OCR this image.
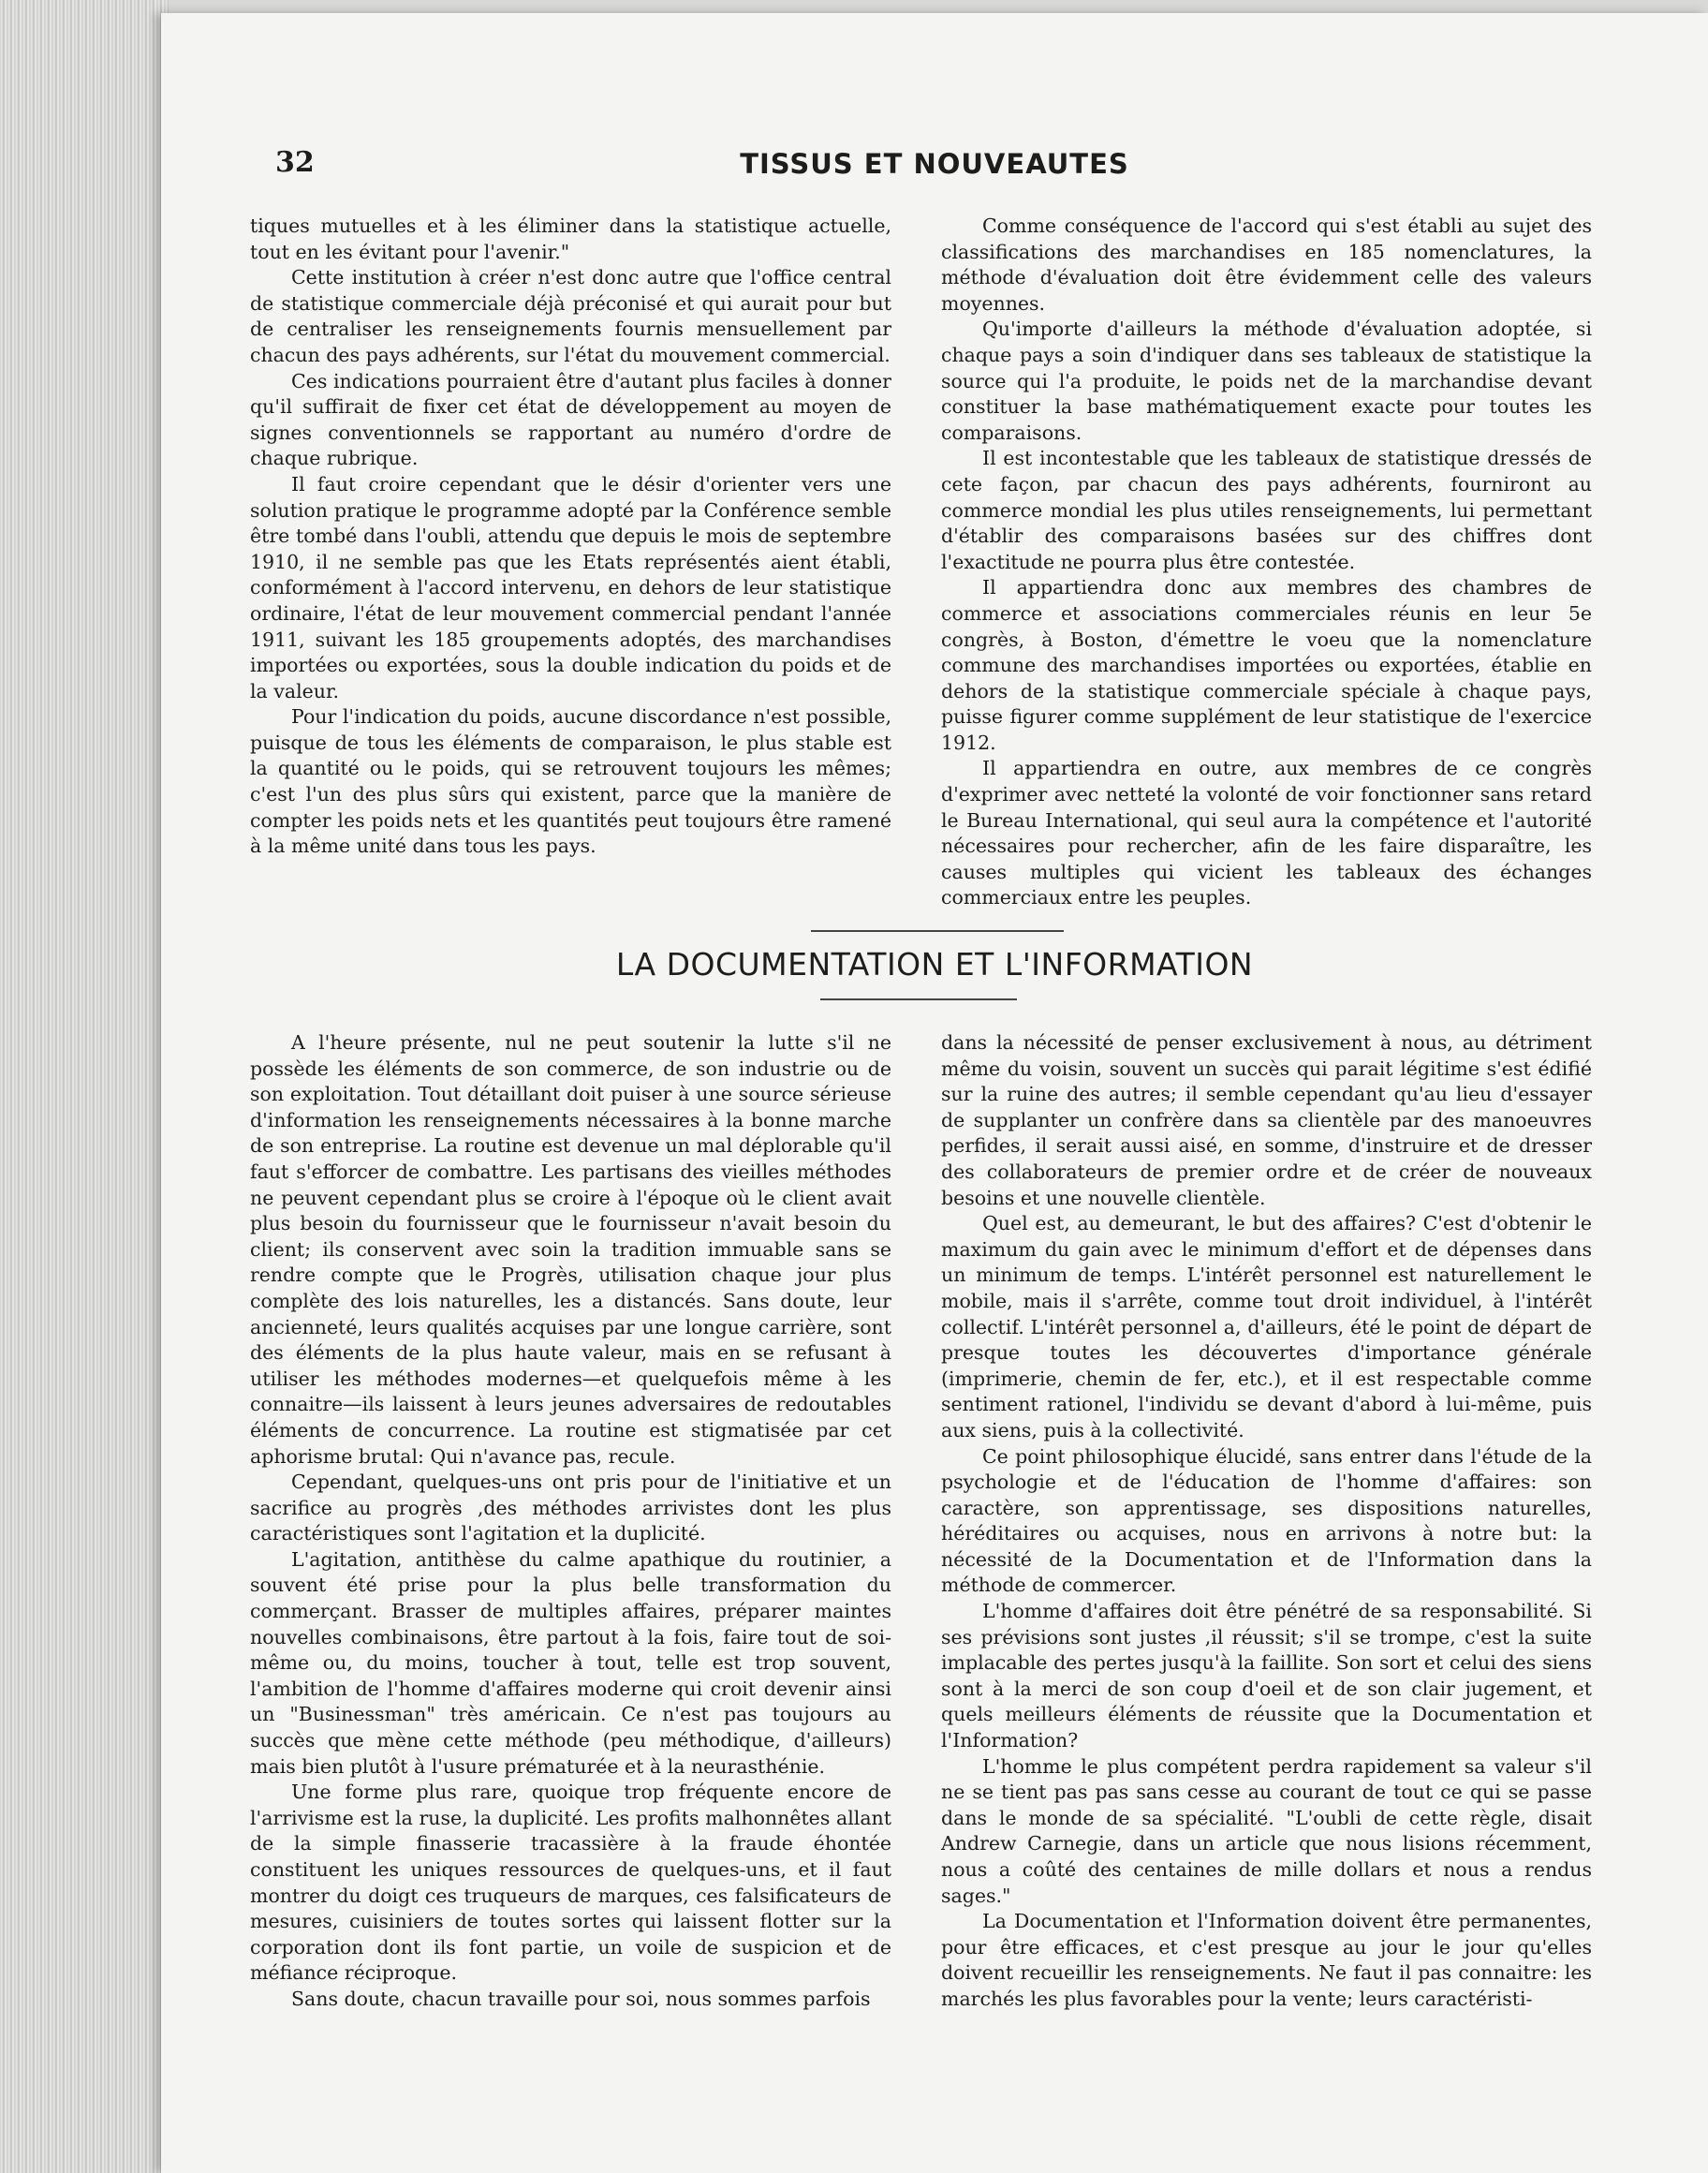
32	TISSUS ET NOUVEAUTES

tiques mutuelles et à les éliminer dans la statistique actuelle, tout en les évitant pour l'avenir."

Cette institution à créer n'est donc autre que l'office central de statistique commerciale déjà préconisé et qui aurait pour but de centraliser les renseignements fournis mensuellement par chacun des pays adhérents, sur l'état du mouvement commercial.

Ces indications pourraient être d'autant plus faciles à donner qu'il suffirait de fixer cet état de développement au moyen de signes conventionnels se rapportant au numéro d'ordre de chaque rubrique.

Il faut croire cependant que le désir d'orienter vers une solution pratique le programme adopté par la Conférence semble être tombé dans l'oubli, attendu que depuis le mois de septembre 1910, il ne semble pas que les Etats représentés aient établi, conformément à l'accord intervenu, en dehors de leur statistique ordinaire, l'état de leur mouvement commercial pendant l'année 1911, suivant les 185 groupements adoptés, des marchandises importées ou exportées, sous la double indication du poids et de la valeur.

Pour l'indication du poids, aucune discordance n'est possible, puisque de tous les éléments de comparaison, le plus stable est la quantité ou le poids, qui se retrouvent toujours les mêmes; c'est l'un des plus sûrs qui existent, parce que la manière de compter les poids nets et les quantités peut toujours être ramené à la même unité dans tous les pays.

Comme conséquence de l'accord qui s'est établi au sujet des classifications des marchandises en 185 nomenclatures, la méthode d'évaluation doit être évidemment celle des valeurs moyennes.

Qu'importe d'ailleurs la méthode d'évaluation adoptée, si chaque pays a soin d'indiquer dans ses tableaux de statistique la source qui l'a produite, le poids net de la marchandise devant constituer la base mathématiquement exacte pour toutes les comparaisons.

Il est incontestable que les tableaux de statistique dressés de cete façon, par chacun des pays adhérents, fourniront au commerce mondial les plus utiles renseignements, lui permettant d'établir des comparaisons basées sur des chiffres dont l'exactitude ne pourra plus être contestée.

Il appartiendra donc aux membres des chambres de commerce et associations commerciales réunis en leur 5e congrès, à Boston, d'émettre le voeu que la nomenclature commune des marchandises importées ou exportées, établie en dehors de la statistique commerciale spéciale à chaque pays, puisse figurer comme supplément de leur statistique de l'exercice 1912.

Il appartiendra en outre, aux membres de ce congrès d'exprimer avec netteté la volonté de voir fonctionner sans retard le Bureau International, qui seul aura la compétence et l'autorité nécessaires pour rechercher, afin de les faire disparaître, les causes multiples qui vicient les tableaux des échanges commerciaux entre les peuples.

LA DOCUMENTATION ET L'INFORMATION

A l'heure présente, nul ne peut soutenir la lutte s'il ne possède les éléments de son commerce, de son industrie ou de son exploitation. Tout détaillant doit puiser à une source sérieuse d'information les renseignements nécessaires à la bonne marche de son entreprise. La routine est devenue un mal déplorable qu'il faut s'efforcer de combattre. Les partisans des vieilles méthodes ne peuvent cependant plus se croire à l'époque où le client avait plus besoin du fournisseur que le fournisseur n'avait besoin du client; ils conservent avec soin la tradition immuable sans se rendre compte que le Progrès, utilisation chaque jour plus complète des lois naturelles, les a distancés. Sans doute, leur ancienneté, leurs qualités acquises par une longue carrière, sont des éléments de la plus haute valeur, mais en se refusant à utiliser les méthodes modernes—et quelquefois même à les connaitre—ils laissent à leurs jeunes adversaires de redoutables éléments de concurrence. La routine est stigmatisée par cet aphorisme brutal: Qui n'avance pas, recule.

Cependant, quelques-uns ont pris pour de l'initiative et un sacrifice au progrès ,des méthodes arrivistes dont les plus caractéristiques sont l'agitation et la duplicité.

L'agitation, antithèse du calme apathique du routinier, a souvent été prise pour la plus belle transformation du commerçant. Brasser de multiples affaires, préparer maintes nouvelles combinaisons, être partout à la fois, faire tout de soi-même ou, du moins, toucher à tout, telle est trop souvent, l'ambition de l'homme d'affaires moderne qui croit devenir ainsi un "Businessman" très américain. Ce n'est pas toujours au succès que mène cette méthode (peu méthodique, d'ailleurs) mais bien plutôt à l'usure prématurée et à la neurasthénie.

Une forme plus rare, quoique trop fréquente encore de l'arrivisme est la ruse, la duplicité. Les profits malhonnêtes allant de la simple finasserie tracassière à la fraude éhontée constituent les uniques ressources de quelques-uns, et il faut montrer du doigt ces truqueurs de marques, ces falsificateurs de mesures, cuisiniers de toutes sortes qui laissent flotter sur la corporation dont ils font partie, un voile de suspicion et de méfiance réciproque.

Sans doute, chacun travaille pour soi, nous sommes parfois

dans la nécessité de penser exclusivement à nous, au détriment même du voisin, souvent un succès qui parait légitime s'est édifié sur la ruine des autres; il semble cependant qu'au lieu d'essayer de supplanter un confrère dans sa clientèle par des manoeuvres perfides, il serait aussi aisé, en somme, d'instruire et de dresser des collaborateurs de premier ordre et de créer de nouveaux besoins et une nouvelle clientèle.

Quel est, au demeurant, le but des affaires? C'est d'obtenir le maximum du gain avec le minimum d'effort et de dépenses dans un minimum de temps. L'intérêt personnel est naturellement le mobile, mais il s'arrête, comme tout droit individuel, à l'intérêt collectif. L'intérêt personnel a, d'ailleurs, été le point de départ de presque toutes les découvertes d'importance générale (imprimerie, chemin de fer, etc.), et il est respectable comme sentiment rationel, l'individu se devant d'abord à lui-même, puis aux siens, puis à la collectivité.

Ce point philosophique élucidé, sans entrer dans l'étude de la psychologie et de l'éducation de l'homme d'affaires: son caractère, son apprentissage, ses dispositions naturelles, héréditaires ou acquises, nous en arrivons à notre but: la nécessité de la Documentation et de l'Information dans la méthode de commercer.

L'homme d'affaires doit être pénétré de sa responsabilité. Si ses prévisions sont justes ,il réussit; s'il se trompe, c'est la suite implacable des pertes jusqu'à la faillite. Son sort et celui des siens sont à la merci de son coup d'oeil et de son clair jugement, et quels meilleurs éléments de réussite que la Documentation et l'Information?

L'homme le plus compétent perdra rapidement sa valeur s'il ne se tient pas pas sans cesse au courant de tout ce qui se passe dans le monde de sa spécialité. "L'oubli de cette règle, disait Andrew Carnegie, dans un article que nous lisions récemment, nous a coûté des centaines de mille dollars et nous a rendus sages."

La Documentation et l'Information doivent être permanentes, pour être efficaces, et c'est presque au jour le jour qu'elles doivent recueillir les renseignements. Ne faut il pas connaitre: les marchés les plus favorables pour la vente; leurs caractéristi-
